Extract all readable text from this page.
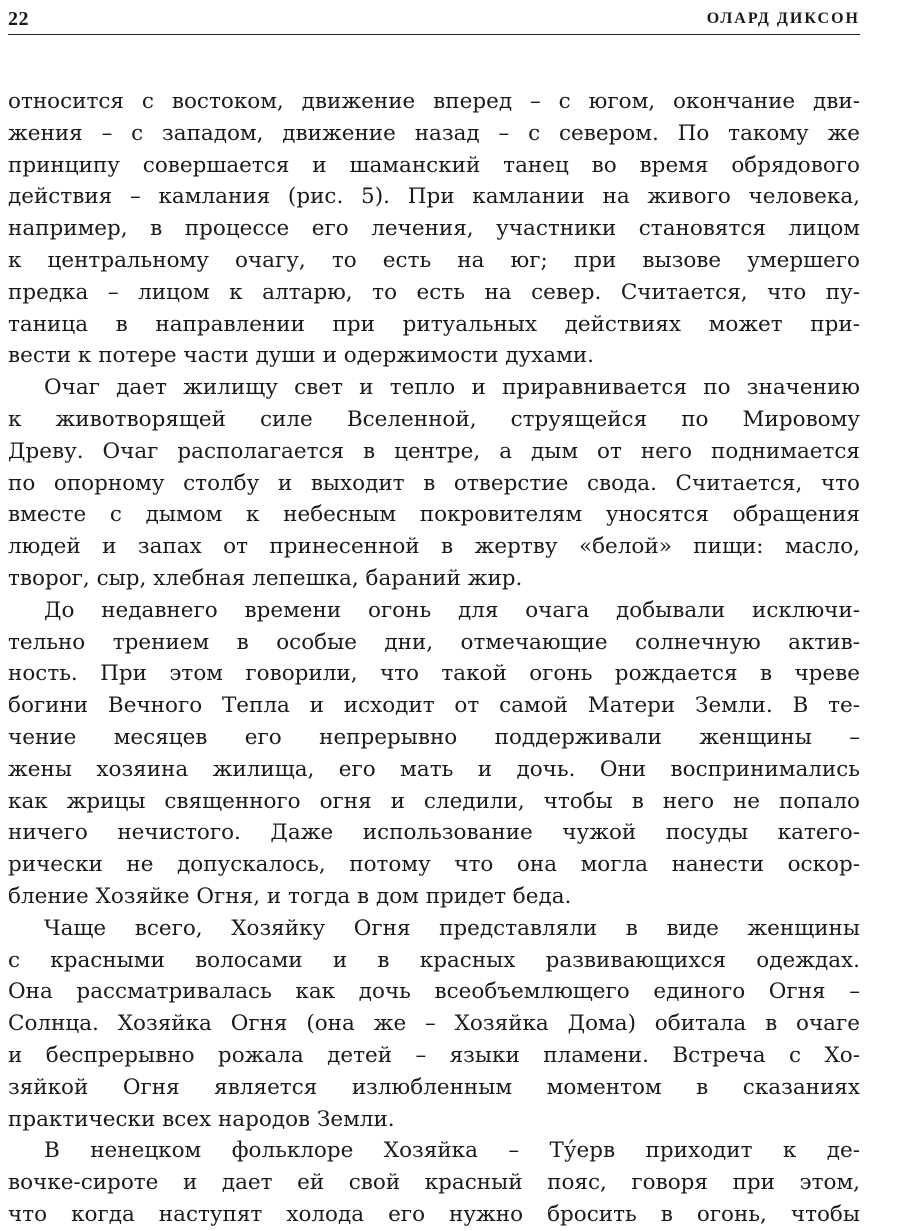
22	ОЛАРД ДИКСОН
относится с востоком, движение вперед – с югом, окончание дви-
жения – с западом, движение назад – с севером. По такому же
принципу совершается и шаманский танец во время обрядового
действия – камлания (рис. 5). При камлании на живого человека,
например, в процессе его лечения, участники становятся лицом
к центральному очагу, то есть на юг; при вызове умершего
предка – лицом к алтарю, то есть на север. Считается, что пу-
таница в направлении при ритуальных действиях может при-
вести к потере части души и одержимости духами.
Очаг дает жилищу свет и тепло и приравнивается по значению
к животворящей силе Вселенной, струящейся по Мировому
Древу. Очаг располагается в центре, а дым от него поднимается
по опорному столбу и выходит в отверстие свода. Считается, что
вместе с дымом к небесным покровителям уносятся обращения
людей и запах от принесенной в жертву «белой» пищи: масло,
творог, сыр, хлебная лепешка, бараний жир.
До недавнего времени огонь для очага добывали исключи-
тельно трением в особые дни, отмечающие солнечную актив-
ность. При этом говорили, что такой огонь рождается в чреве
богини Вечного Тепла и исходит от самой Матери Земли. В те-
чение месяцев его непрерывно поддерживали женщины –
жены хозяина жилища, его мать и дочь. Они воспринимались
как жрицы священного огня и следили, чтобы в него не попало
ничего нечистого. Даже использование чужой посуды катего-
рически не допускалось, потому что она могла нанести оскор-
бление Хозяйке Огня, и тогда в дом придет беда.
Чаще всего, Хозяйку Огня представляли в виде женщины
с красными волосами и в красных развивающихся одеждах.
Она рассматривалась как дочь всеобъемлющего единого Огня –
Солнца. Хозяйка Огня (она же – Хозяйка Дома) обитала в очаге
и беспрерывно рожала детей – языки пламени. Встреча с Хо-
зяйкой Огня является излюбленным моментом в сказаниях
практически всех народов Земли.
В ненецком фольклоре Хозяйка – Ту́ерв приходит к де-
вочке-сироте и дает ей свой красный пояс, говоря при этом,
что когда наступят холода его нужно бросить в огонь, чтобы
